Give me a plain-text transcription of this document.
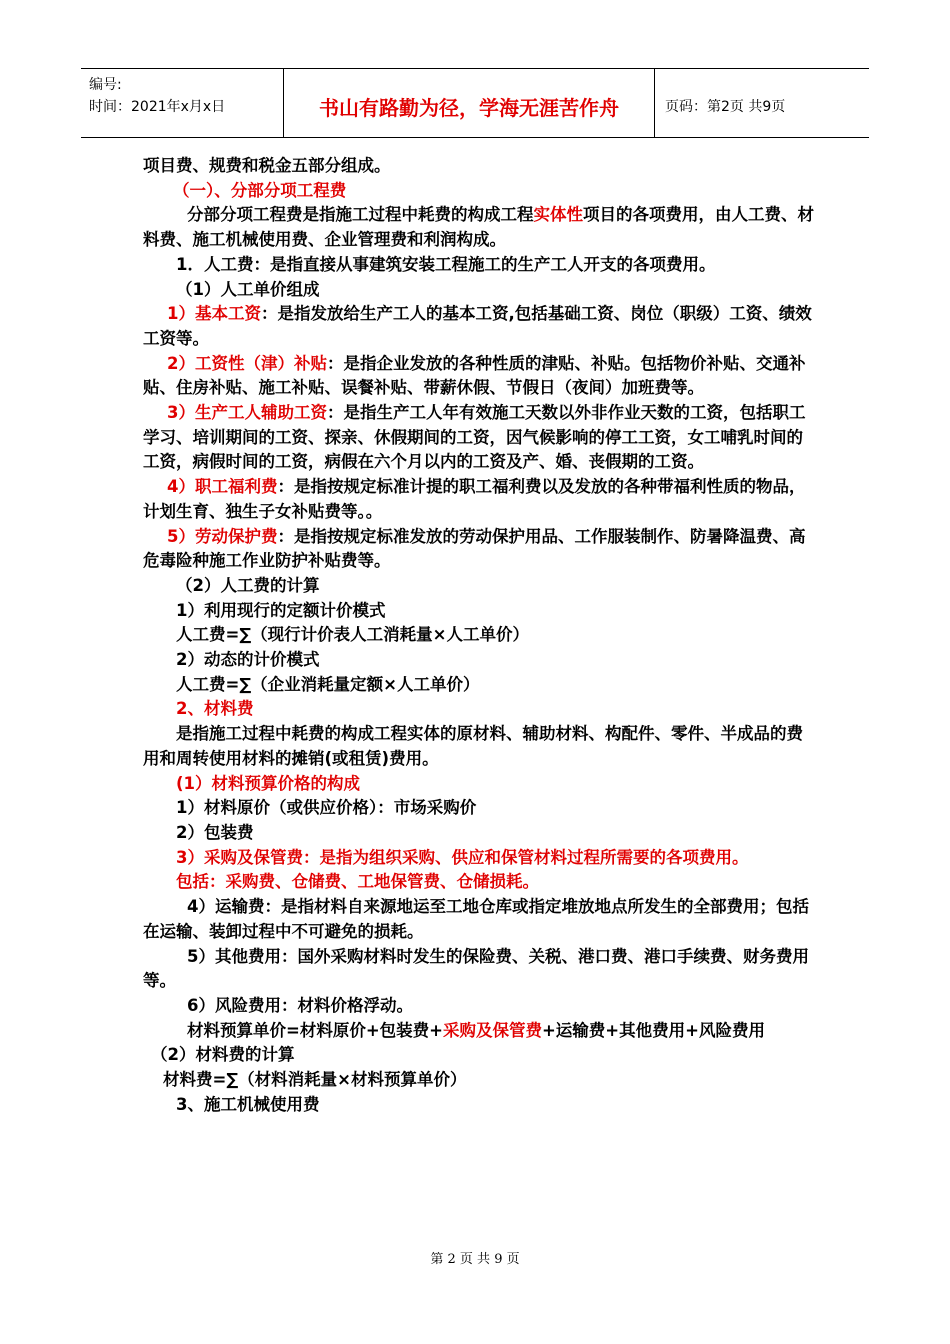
编号:
时间：2021年x月x日	书山有路勤为径，学海无涯苦作舟	页码：第2页 共9页

项目费、规费和税金五部分组成。

（一）、分部分项工程费

分部分项工程费是指施工过程中耗费的构成工程实体性项目的各项费用，由人工费、材料费、施工机械使用费、企业管理费和利润构成。

1．人工费：是指直接从事建筑安装工程施工的生产工人开支的各项费用。

（1）人工单价组成

1）基本工资：是指发放给生产工人的基本工资,包括基础工资、岗位（职级）工资、绩效工资等。

2）工资性（津）补贴：是指企业发放的各种性质的津贴、补贴。包括物价补贴、交通补贴、住房补贴、施工补贴、误餐补贴、带薪休假、节假日（夜间）加班费等。

3）生产工人辅助工资：是指生产工人年有效施工天数以外非作业天数的工资，包括职工学习、培训期间的工资、探亲、休假期间的工资，因气候影响的停工工资，女工哺乳时间的工资，病假时间的工资，病假在六个月以内的工资及产、婚、丧假期的工资。

4）职工福利费：是指按规定标准计提的职工福利费以及发放的各种带福利性质的物品，计划生育、独生子女补贴费等。。

5）劳动保护费：是指按规定标准发放的劳动保护用品、工作服装制作、防暑降温费、高危毒险种施工作业防护补贴费等。

（2）人工费的计算

1）利用现行的定额计价模式

人工费=∑（现行计价表人工消耗量×人工单价）

2）动态的计价模式

人工费=∑（企业消耗量定额×人工单价）

2、材料费

是指施工过程中耗费的构成工程实体的原材料、辅助材料、构配件、零件、半成品的费用和周转使用材料的摊销(或租赁)费用。

(1）材料预算价格的构成

1）材料原价（或供应价格）：市场采购价

2）包装费

3）采购及保管费：是指为组织采购、供应和保管材料过程所需要的各项费用。

包括：采购费、仓储费、工地保管费、仓储损耗。

4）运输费：是指材料自来源地运至工地仓库或指定堆放地点所发生的全部费用；包括在运输、装卸过程中不可避免的损耗。

5）其他费用：国外采购材料时发生的保险费、关税、港口费、港口手续费、财务费用等。

6）风险费用：材料价格浮动。

材料预算单价=材料原价+包装费+采购及保管费+运输费+其他费用+风险费用

（2）材料费的计算

材料费=∑（材料消耗量×材料预算单价）

3、施工机械使用费

第 2 页 共 9 页
